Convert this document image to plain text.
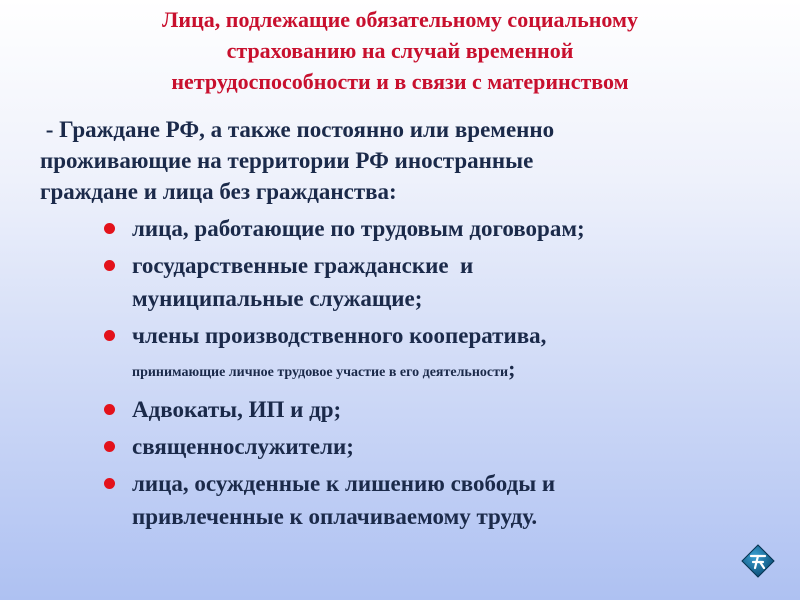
Лица, подлежащие обязательному социальному
страхованию на случай временной
нетрудоспособности и в связи с материнством
- Граждане РФ, а также постоянно или временно
проживающие на территории РФ иностранные
граждане и лица без гражданства:
лица, работающие по трудовым договорам;
государственные гражданские  и
муниципальные служащие;
члены производственного кооператива,
принимающие личное трудовое участие в его деятельности;
Адвокаты, ИП и др;
священнослужители;
лица, осужденные к лишению свободы и
привлеченные к оплачиваемому труду.
